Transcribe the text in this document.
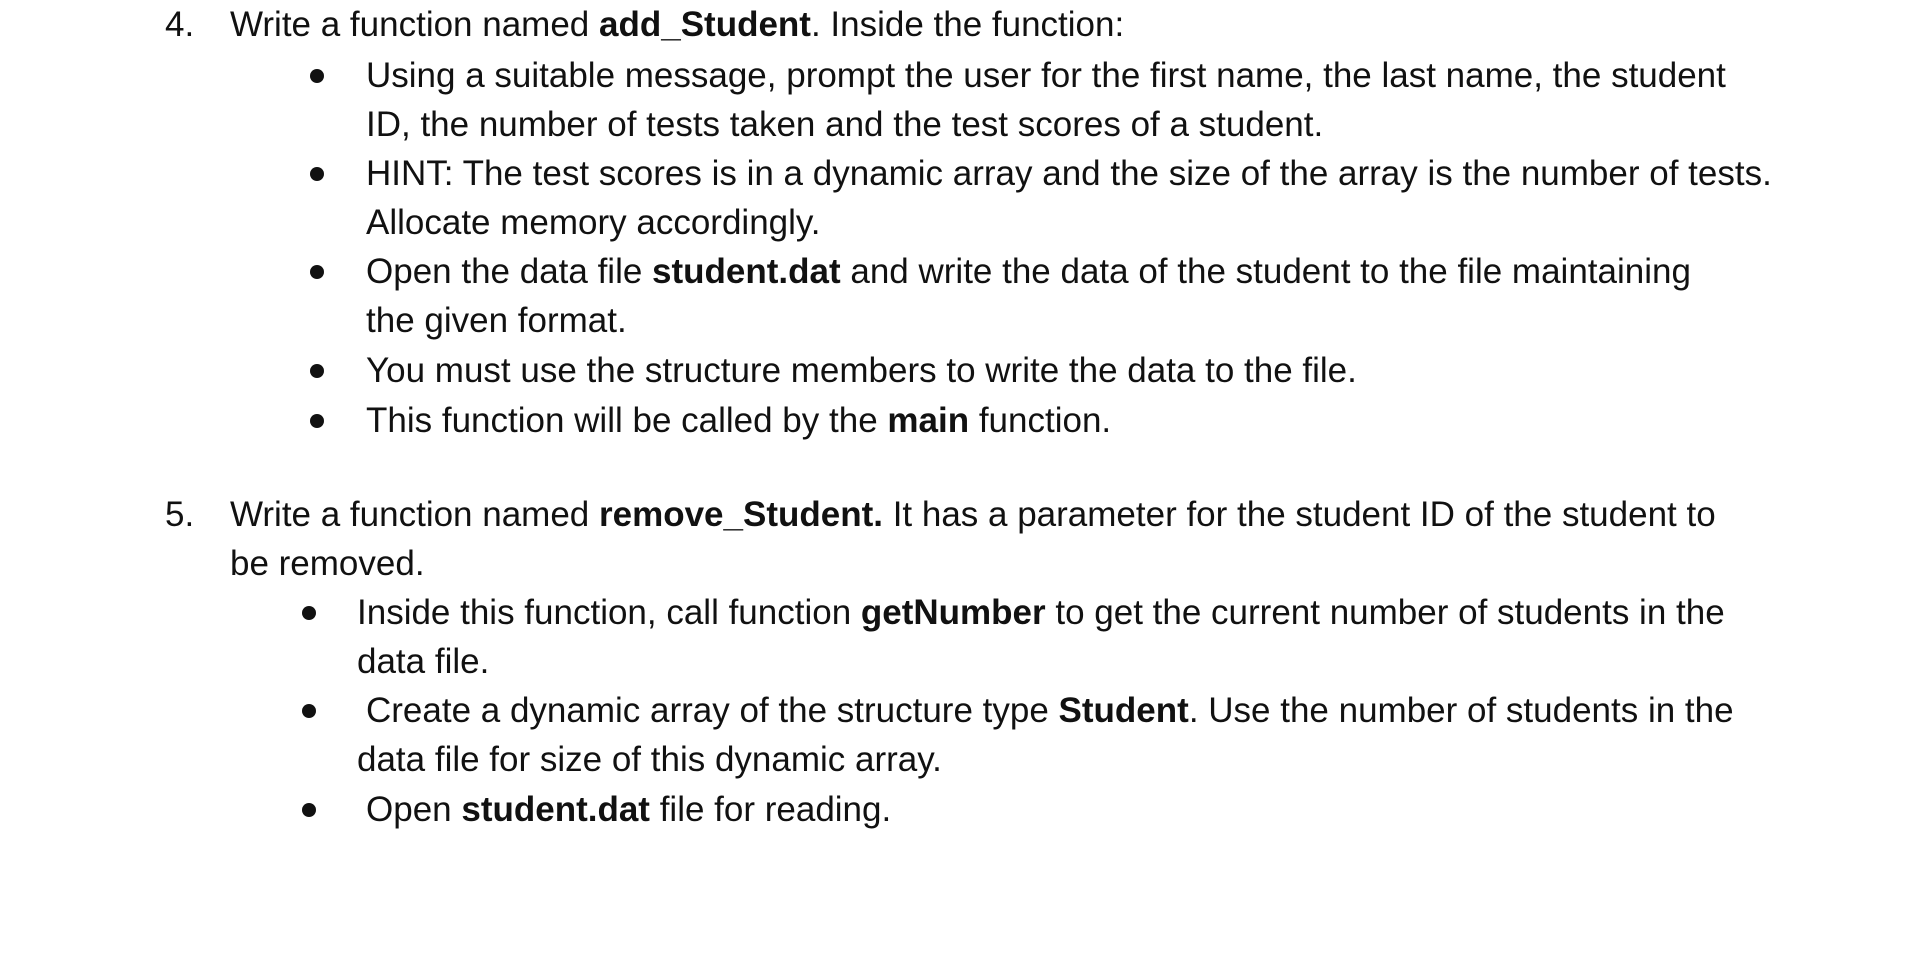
4. Write a function named add_Student. Inside the function:
Using a suitable message, prompt the user for the first name, the last name, the student
ID, the number of tests taken and the test scores of a student.
HINT: The test scores is in a dynamic array and the size of the array is the number of tests.
Allocate memory accordingly.
Open the data file student.dat and write the data of the student to the file maintaining
the given format.
You must use the structure members to write the data to the file.
This function will be called by the main function.
5. Write a function named remove_Student. It has a parameter for the student ID of the student to
be removed.
Inside this function, call function getNumber to get the current number of students in the
data file.
Create a dynamic array of the structure type Student. Use the number of students in the
data file for size of this dynamic array.
Open student.dat file for reading.
